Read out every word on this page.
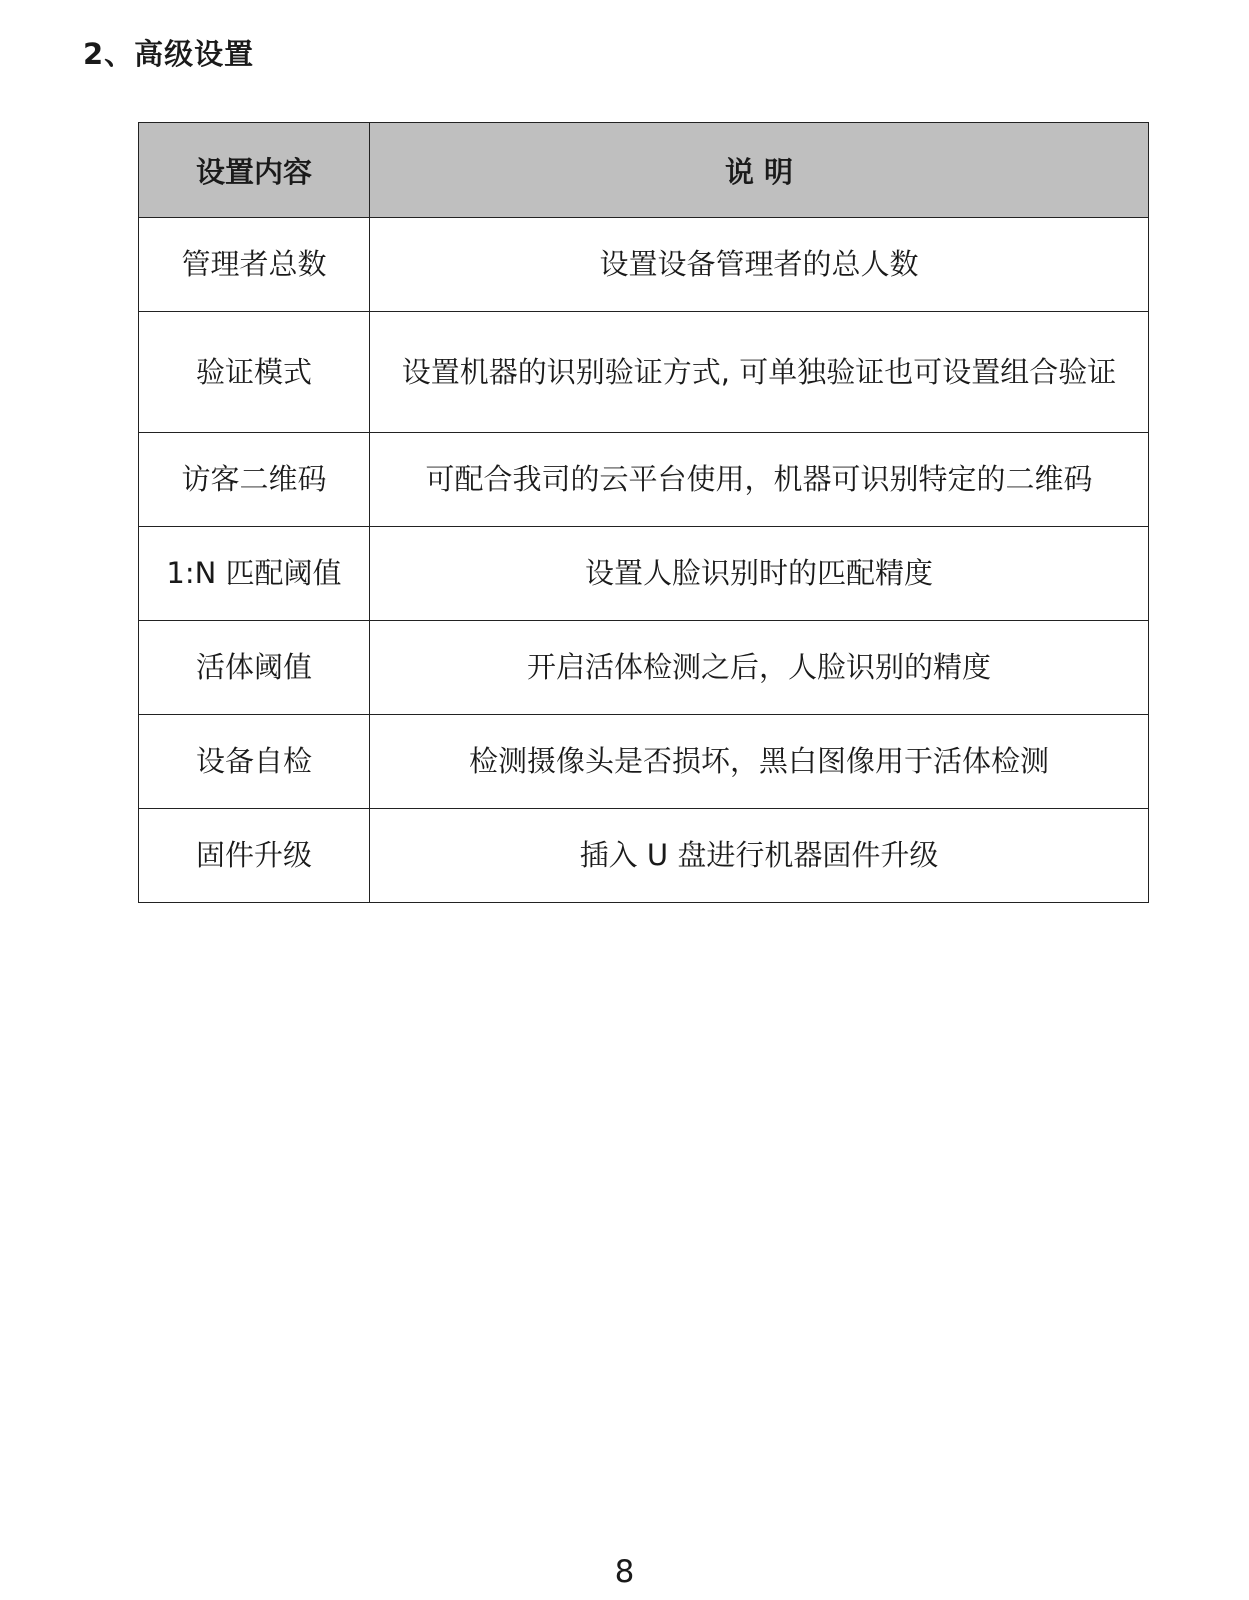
2、高级设置
设置内容	说 明
管理者总数	设置设备管理者的总人数
验证模式	设置机器的识别验证方式, 可单独验证也可设置组合验证
访客二维码	可配合我司的云平台使用，机器可识别特定的二维码
1:N 匹配阈值	设置人脸识别时的匹配精度
活体阈值	开启活体检测之后，人脸识别的精度
设备自检	检测摄像头是否损坏，黑白图像用于活体检测
固件升级	插入 U 盘进行机器固件升级
8
